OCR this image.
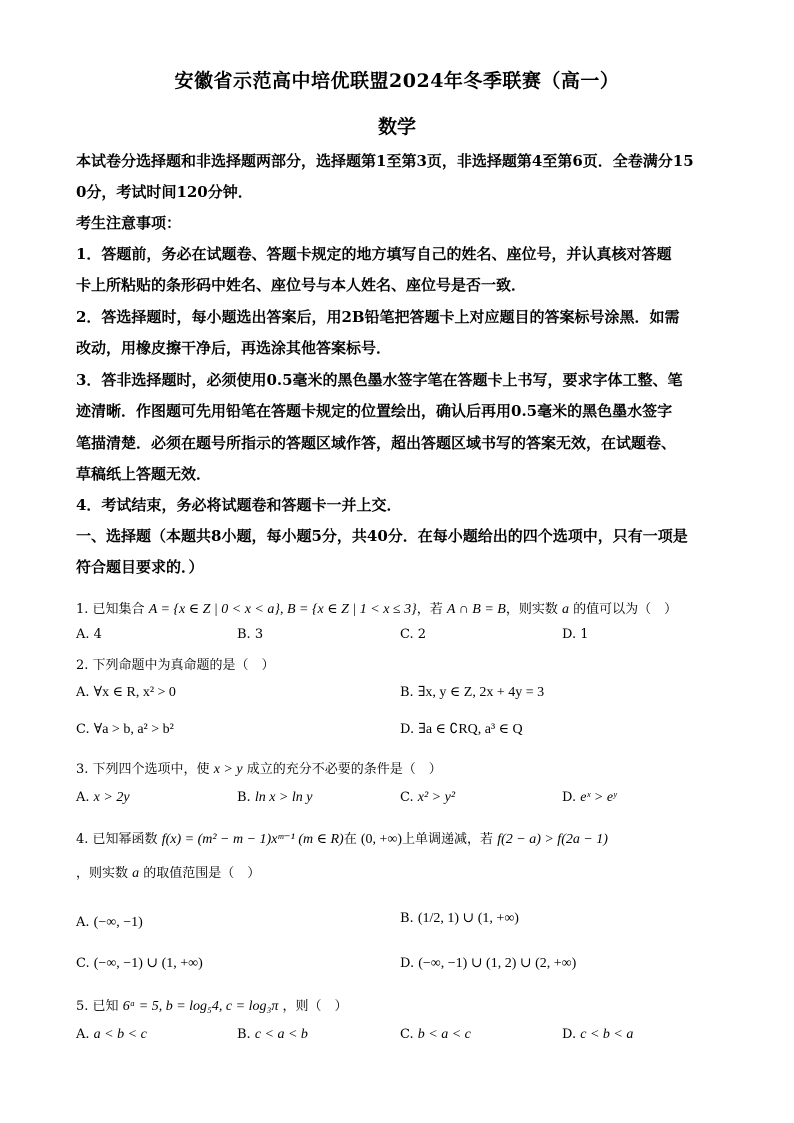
安徽省示范高中培优联盟2024年冬季联赛（高一）
数学
本试卷分选择题和非选择题两部分，选择题第1至第3页，非选择题第4至第6页．全卷满分15
0分，考试时间120分钟．
考生注意事项：
1．答题前，务必在试题卷、答题卡规定的地方填写自己的姓名、座位号，并认真核对答题
卡上所粘贴的条形码中姓名、座位号与本人姓名、座位号是否一致．
2．答选择题时，每小题选出答案后，用2B铅笔把答题卡上对应题目的答案标号涂黑．如需
改动，用橡皮擦干净后，再选涂其他答案标号．
3．答非选择题时，必须使用0.5毫米的黑色墨水签字笔在答题卡上书写，要求字体工整、笔
迹清晰．作图题可先用铅笔在答题卡规定的位置绘出，确认后再用0.5毫米的黑色墨水签字
笔描清楚．必须在题号所指示的答题区域作答，超出答题区域书写的答案无效，在试题卷、
草稿纸上答题无效．
4．考试结束，务必将试题卷和答题卡一并上交．
一、选择题（本题共8小题，每小题5分，共40分．在每小题给出的四个选项中，只有一项是
符合题目要求的．）
1. 已知集合 A = {x ∈ Z | 0 < x < a}, B = {x ∈ Z | 1 < x ≤ 3}，若 A ∩ B = B，则实数 a 的值可以为（　）
A. 4	B. 3	C. 2	D. 1
2. 下列命题中为真命题的是（　）
A. ∀x ∈ R, x² > 0	B. ∃x, y ∈ Z, 2x + 4y = 3
C. ∀a > b, a² > b²	D. ∃a ∈ ∁RQ, a³ ∈ Q
3. 下列四个选项中，使 x > y 成立的充分不必要的条件是（　）
A. x > 2y	B. ln x > ln y	C. x² > y²	D. eˣ > eʸ
4. 已知幂函数 f(x) = (m² − m − 1)xᵐ⁻¹ (m ∈ R)在 (0, +∞)上单调递减，若 f(2 − a) > f(2a − 1)
，则实数 a 的取值范围是（　）
A. (−∞, −1)	B. (1/2, 1) ∪ (1, +∞)
C. (−∞, −1) ∪ (1, +∞)	D. (−∞, −1) ∪ (1, 2) ∪ (2, +∞)
5. 已知 6ᵃ = 5, b = log₅4, c = log₃π ，则（　）
A. a < b < c	B. c < a < b	C. b < a < c	D. c < b < a
